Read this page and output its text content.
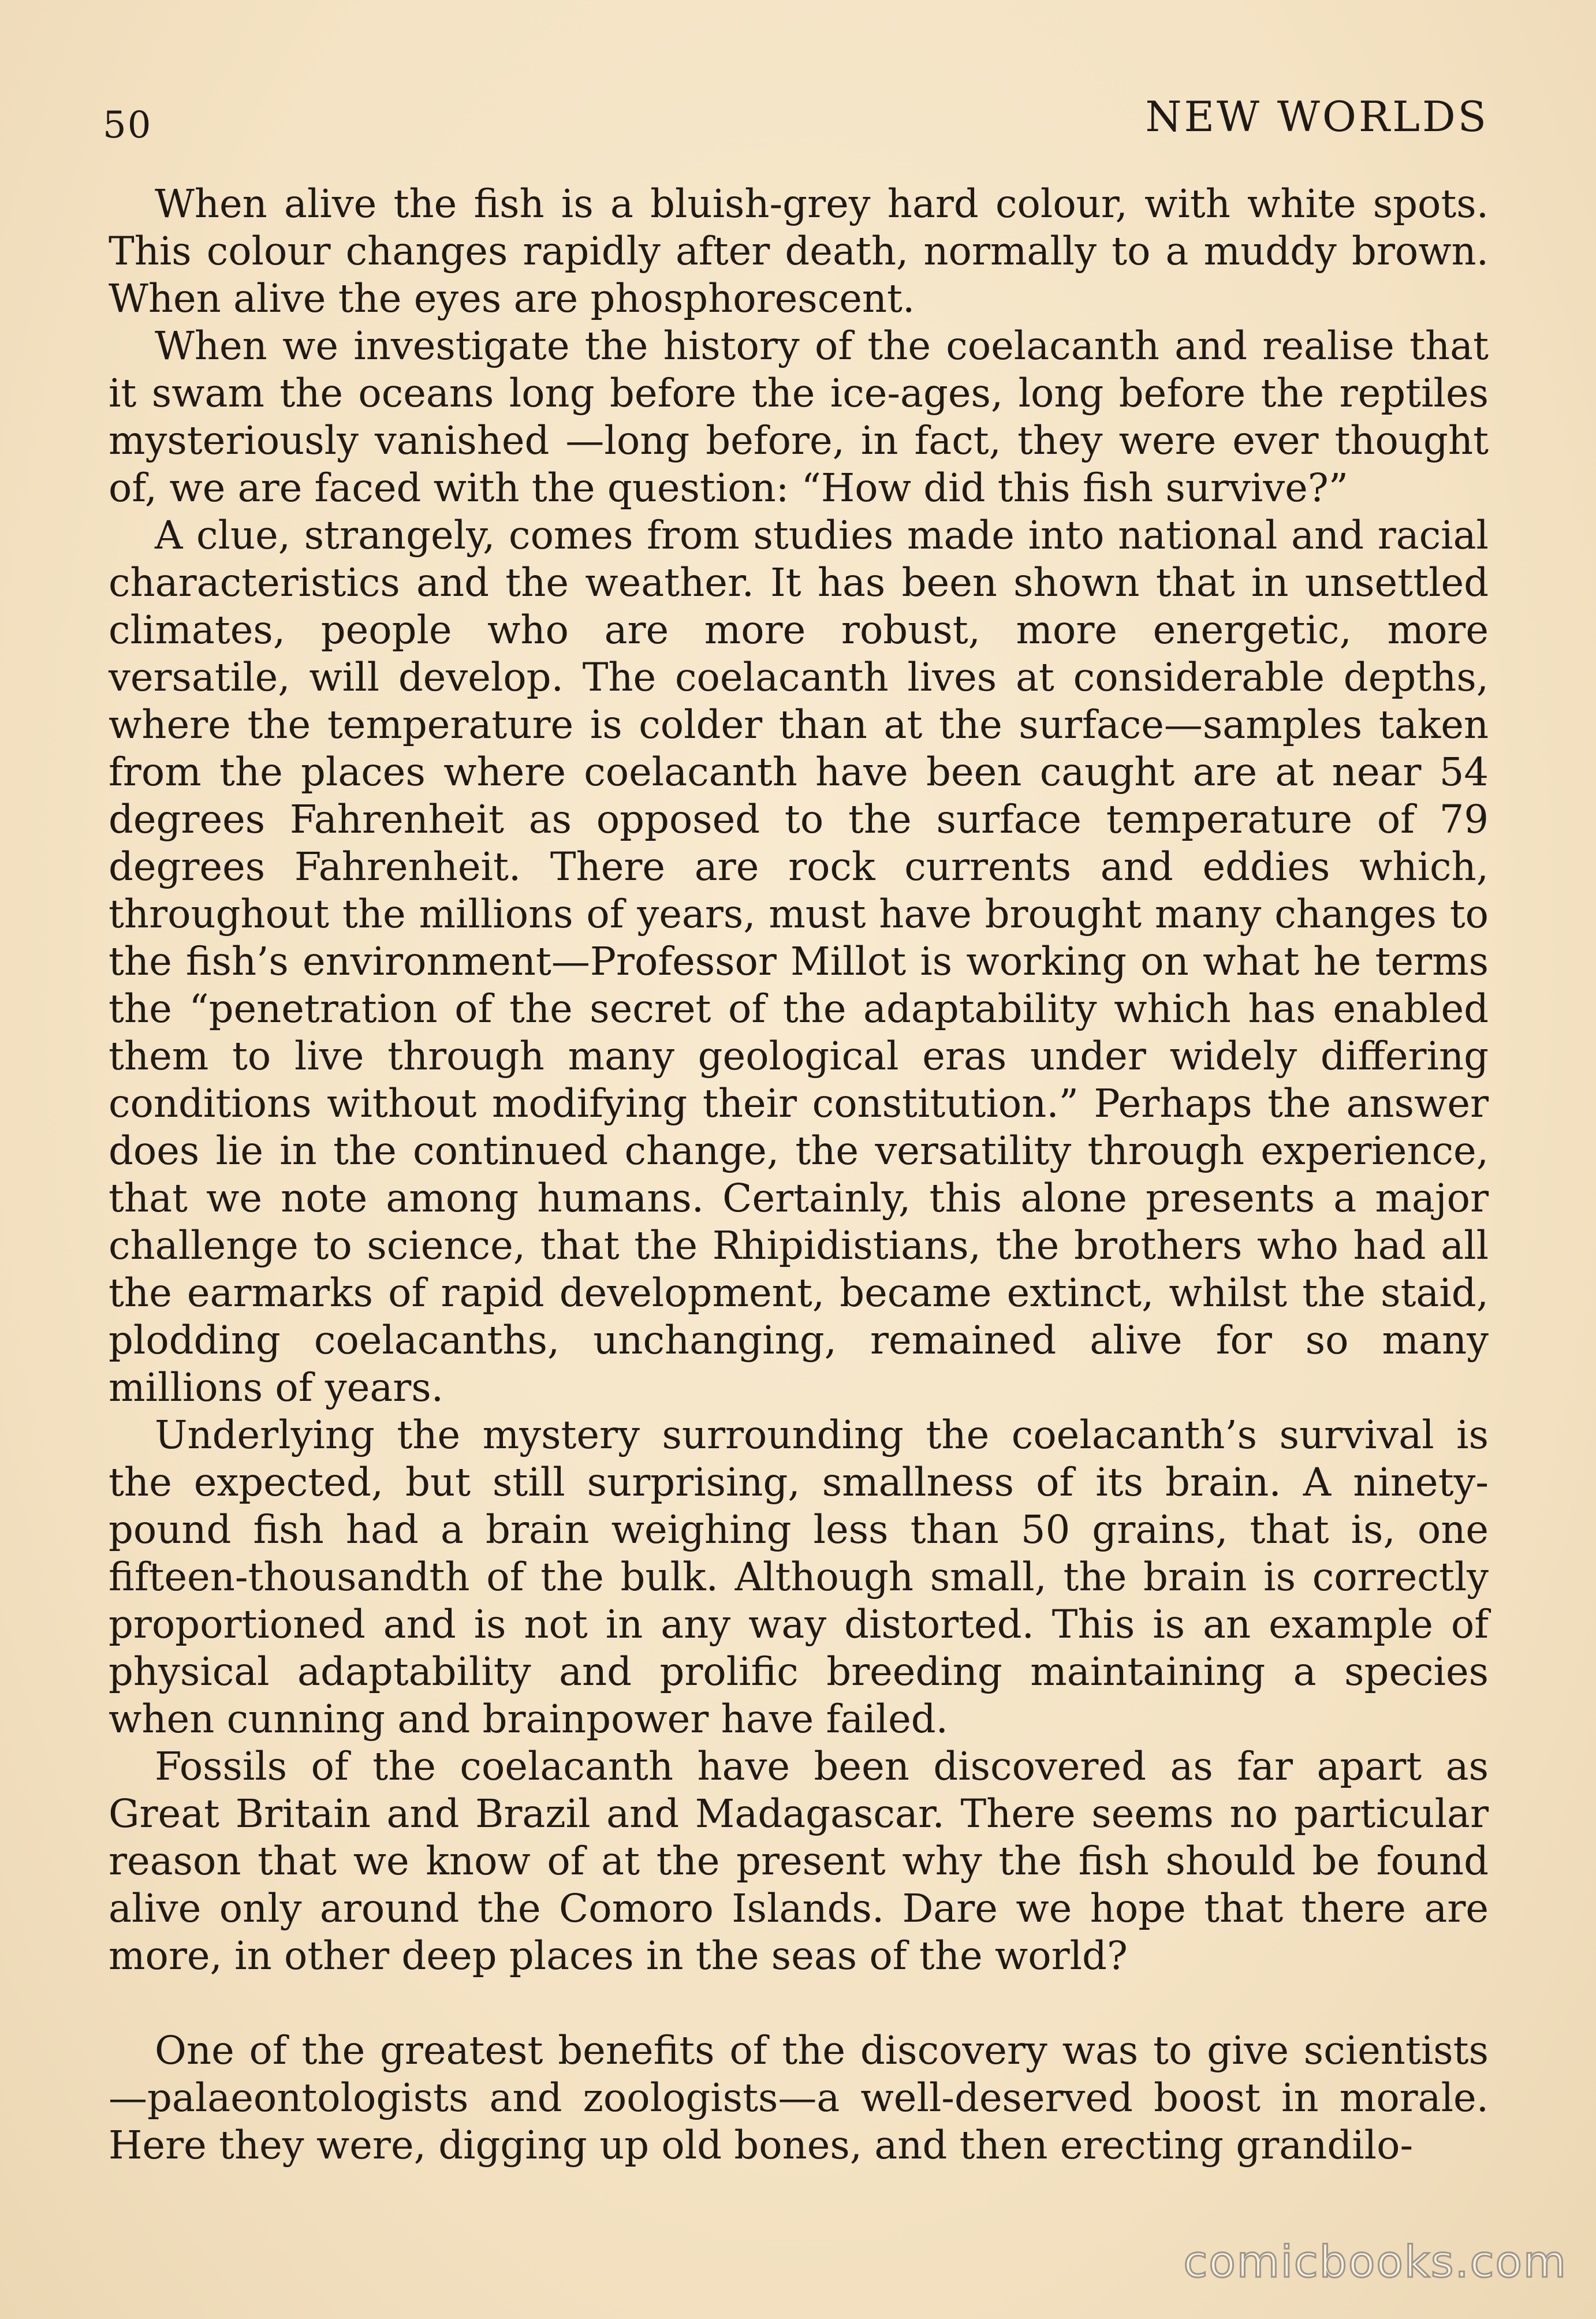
50	NEW WORLDS

When alive the fish is a bluish-grey hard colour, with white spots. This colour changes rapidly after death, normally to a muddy brown. When alive the eyes are phosphorescent.

When we investigate the history of the coelacanth and realise that it swam the oceans long before the ice-ages, long before the reptiles mysteriously vanished —long before, in fact, they were ever thought of, we are faced with the question: “How did this fish survive?”

A clue, strangely, comes from studies made into national and racial characteristics and the weather. It has been shown that in unsettled climates, people who are more robust, more energetic, more versatile, will develop. The coelacanth lives at considerable depths, where the temperature is colder than at the surface—samples taken from the places where coelacanth have been caught are at near 54 degrees Fahrenheit as opposed to the surface temperature of 79 degrees Fahrenheit. There are rock currents and eddies which, throughout the millions of years, must have brought many changes to the fish’s environment—Professor Millot is working on what he terms the “penetration of the secret of the adaptability which has enabled them to live through many geological eras under widely differing conditions without modifying their constitution.” Perhaps the answer does lie in the continued change, the versatility through experience, that we note among humans. Certainly, this alone presents a major challenge to science, that the Rhipidistians, the brothers who had all the earmarks of rapid development, became extinct, whilst the staid, plodding coelacanths, unchanging, remained alive for so many millions of years.

Underlying the mystery surrounding the coelacanth’s survival is the expected, but still surprising, smallness of its brain. A ninety-pound fish had a brain weighing less than 50 grains, that is, one fifteen-thousandth of the bulk. Although small, the brain is correctly proportioned and is not in any way distorted. This is an example of physical adaptability and prolific breeding maintaining a species when cunning and brainpower have failed.

Fossils of the coelacanth have been discovered as far apart as Great Britain and Brazil and Madagascar. There seems no particular reason that we know of at the present why the fish should be found alive only around the Comoro Islands. Dare we hope that there are more, in other deep places in the seas of the world?

One of the greatest benefits of the discovery was to give scientists —palaeontologists and zoologists—a well-deserved boost in morale. Here they were, digging up old bones, and then erecting grandilo-

comicbooks.com
